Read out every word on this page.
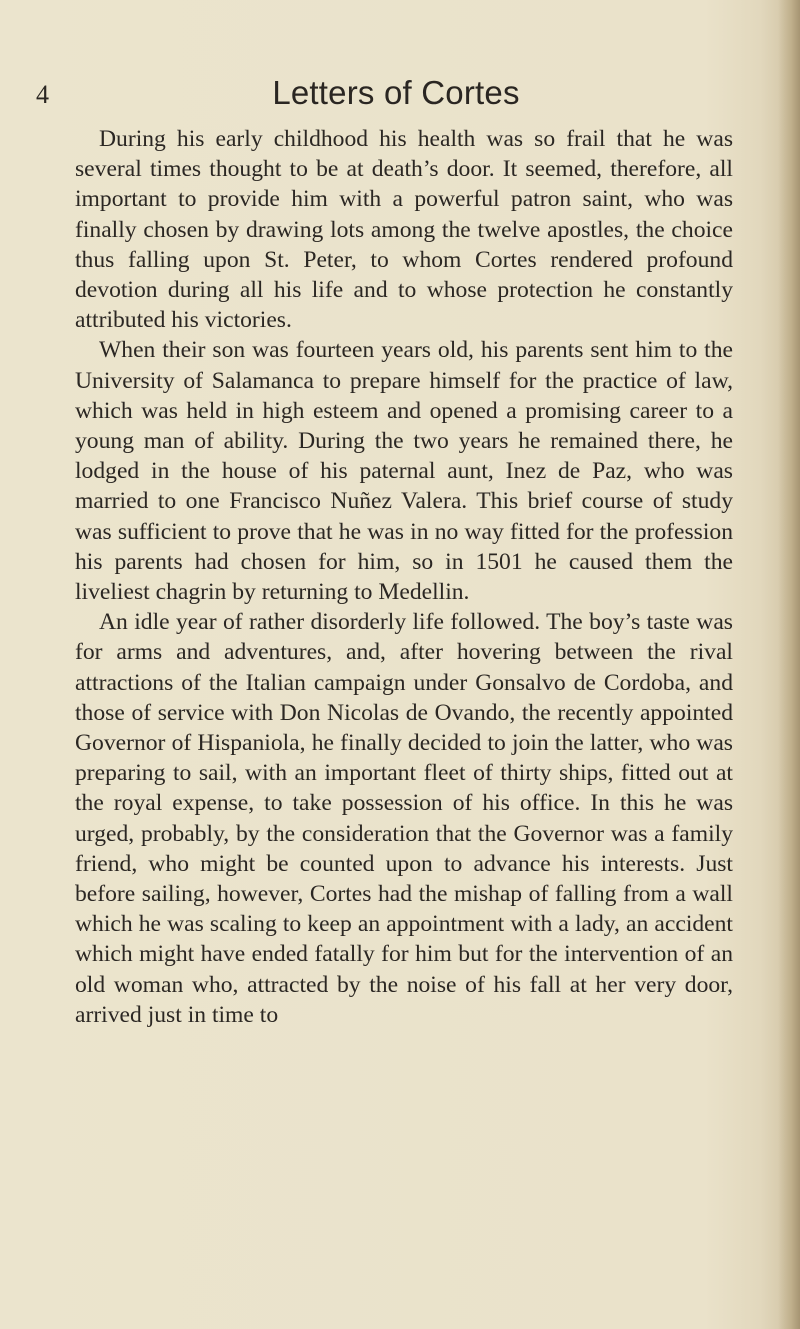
4	Letters of Cortes

During his early childhood his health was so frail that he was several times thought to be at death’s door. It seemed, therefore, all important to provide him with a powerful patron saint, who was finally chosen by drawing lots among the twelve apostles, the choice thus falling upon St. Peter, to whom Cortes rendered profound devotion during all his life and to whose protection he constantly attributed his victories.

When their son was fourteen years old, his parents sent him to the University of Salamanca to prepare himself for the practice of law, which was held in high esteem and opened a promising career to a young man of ability. During the two years he remained there, he lodged in the house of his paternal aunt, Inez de Paz, who was married to one Francisco Nuñez Valera. This brief course of study was sufficient to prove that he was in no way fitted for the profession his parents had chosen for him, so in 1501 he caused them the liveliest chagrin by returning to Medellin.

An idle year of rather disorderly life followed. The boy’s taste was for arms and adventures, and, after hovering between the rival attractions of the Italian campaign under Gonsalvo de Cordoba, and those of service with Don Nicolas de Ovando, the recently appointed Governor of Hispaniola, he finally decided to join the latter, who was preparing to sail, with an important fleet of thirty ships, fitted out at the royal expense, to take possession of his office. In this he was urged, probably, by the consideration that the Governor was a family friend, who might be counted upon to advance his interests. Just before sailing, however, Cortes had the mishap of falling from a wall which he was scaling to keep an appointment with a lady, an accident which might have ended fatally for him but for the intervention of an old woman who, attracted by the noise of his fall at her very door, arrived just in time to
